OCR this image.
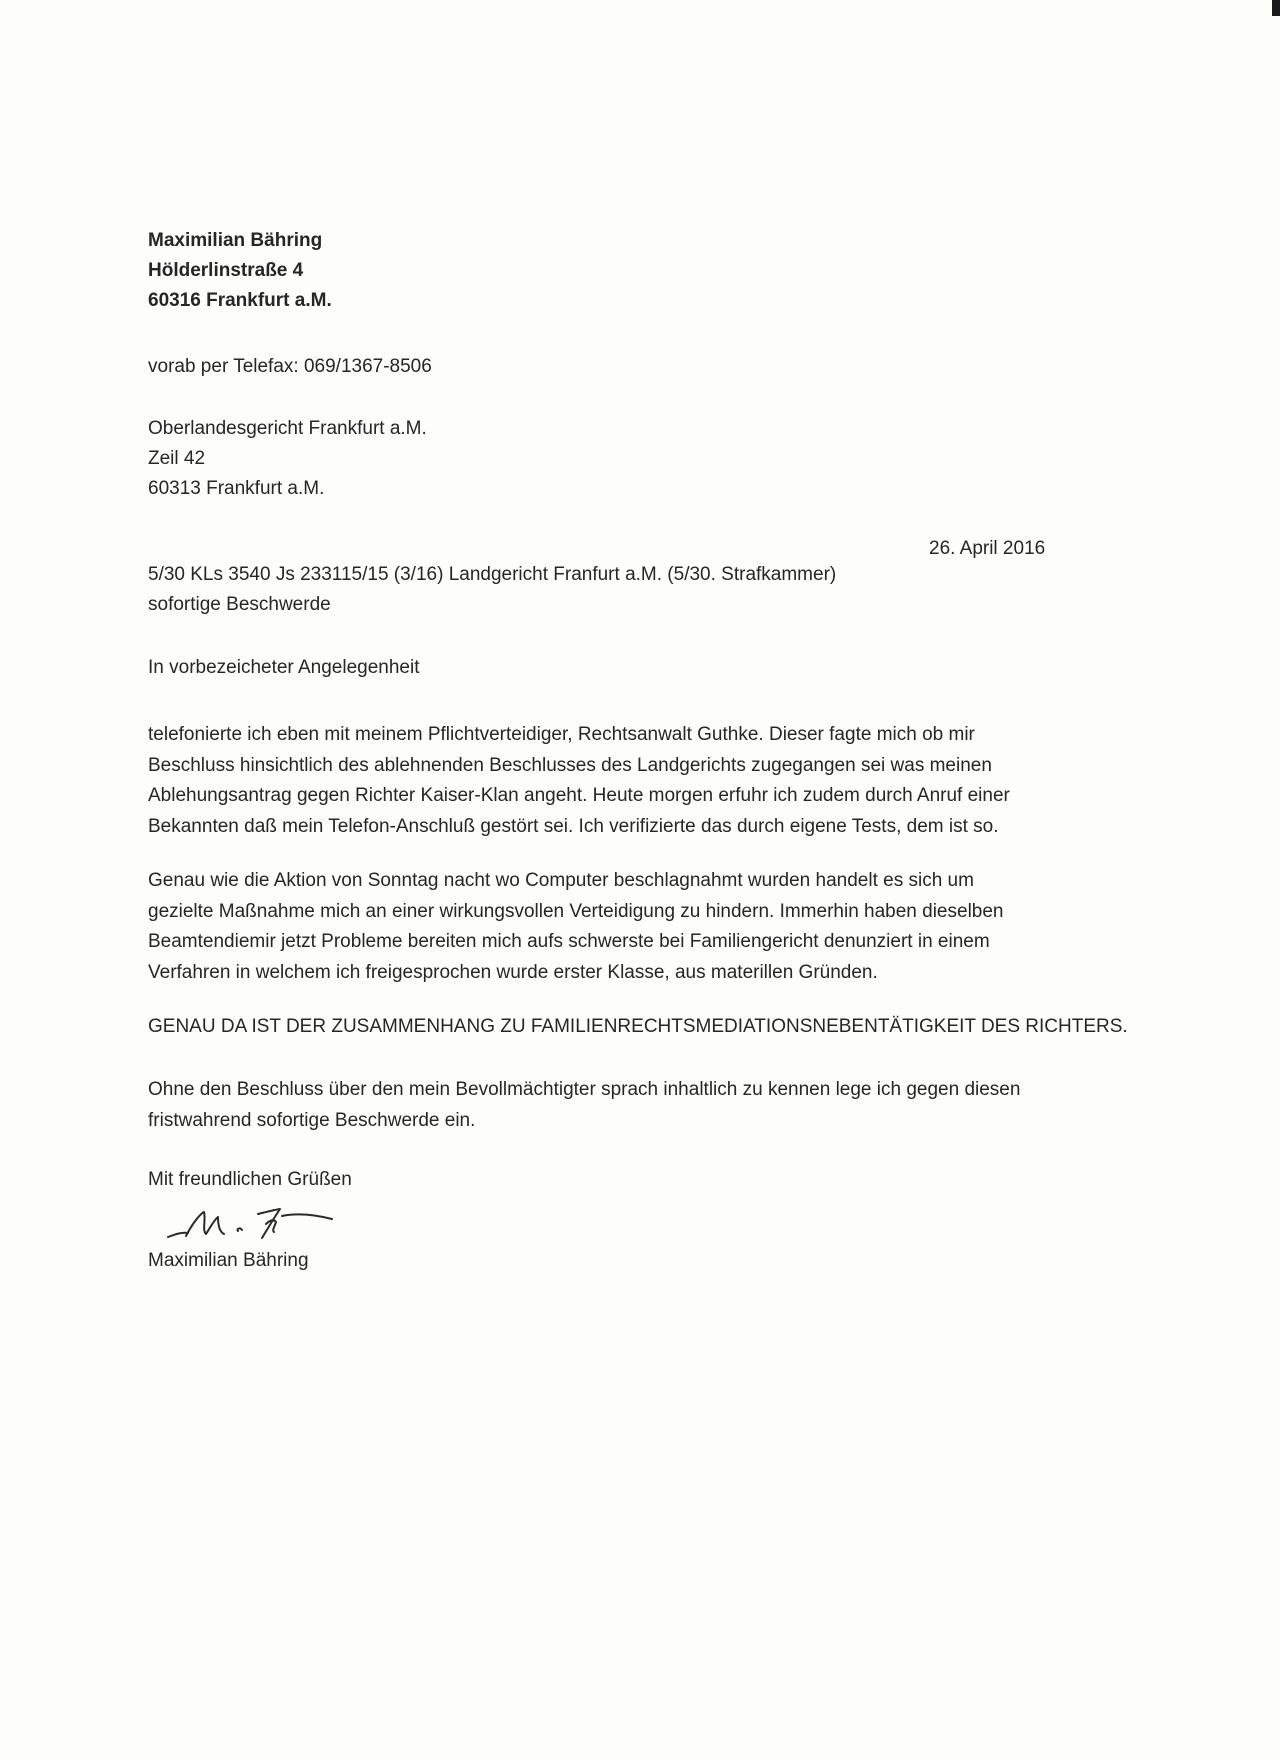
Maximilian Bähring
Hölderlinstraße 4
60316 Frankfurt a.M.
vorab per Telefax: 069/1367-8506
Oberlandesgericht Frankfurt a.M.
Zeil 42
60313 Frankfurt a.M.
26. April 2016
5/30 KLs 3540 Js 233115/15 (3/16) Landgericht Franfurt a.M. (5/30. Strafkammer)
sofortige Beschwerde
In vorbezeicheter Angelegenheit
telefonierte ich eben mit meinem Pflichtverteidiger, Rechtsanwalt Guthke. Dieser fagte mich ob mir
Beschluss hinsichtlich des ablehnenden Beschlusses des Landgerichts zugegangen sei was meinen
Ablehungsantrag gegen Richter Kaiser-Klan angeht. Heute morgen erfuhr ich zudem durch Anruf einer
Bekannten daß mein Telefon-Anschluß gestört sei. Ich verifizierte das durch eigene Tests, dem ist so.
Genau wie die Aktion von Sonntag nacht wo Computer beschlagnahmt wurden handelt es sich um
gezielte Maßnahme mich an einer wirkungsvollen Verteidigung zu hindern. Immerhin haben dieselben
Beamtendiemir jetzt Probleme bereiten mich aufs schwerste bei Familiengericht denunziert in einem
Verfahren in welchem ich freigesprochen wurde erster Klasse, aus materillen Gründen.
GENAU DA IST DER ZUSAMMENHANG ZU FAMILIENRECHTSMEDIATIONSNEBENTÄTIGKEIT DES RICHTERS.
Ohne den Beschluss über den mein Bevollmächtigter sprach inhaltlich zu kennen lege ich gegen diesen
fristwahrend sofortige Beschwerde ein.
Mit freundlichen Grüßen
Maximilian Bähring
